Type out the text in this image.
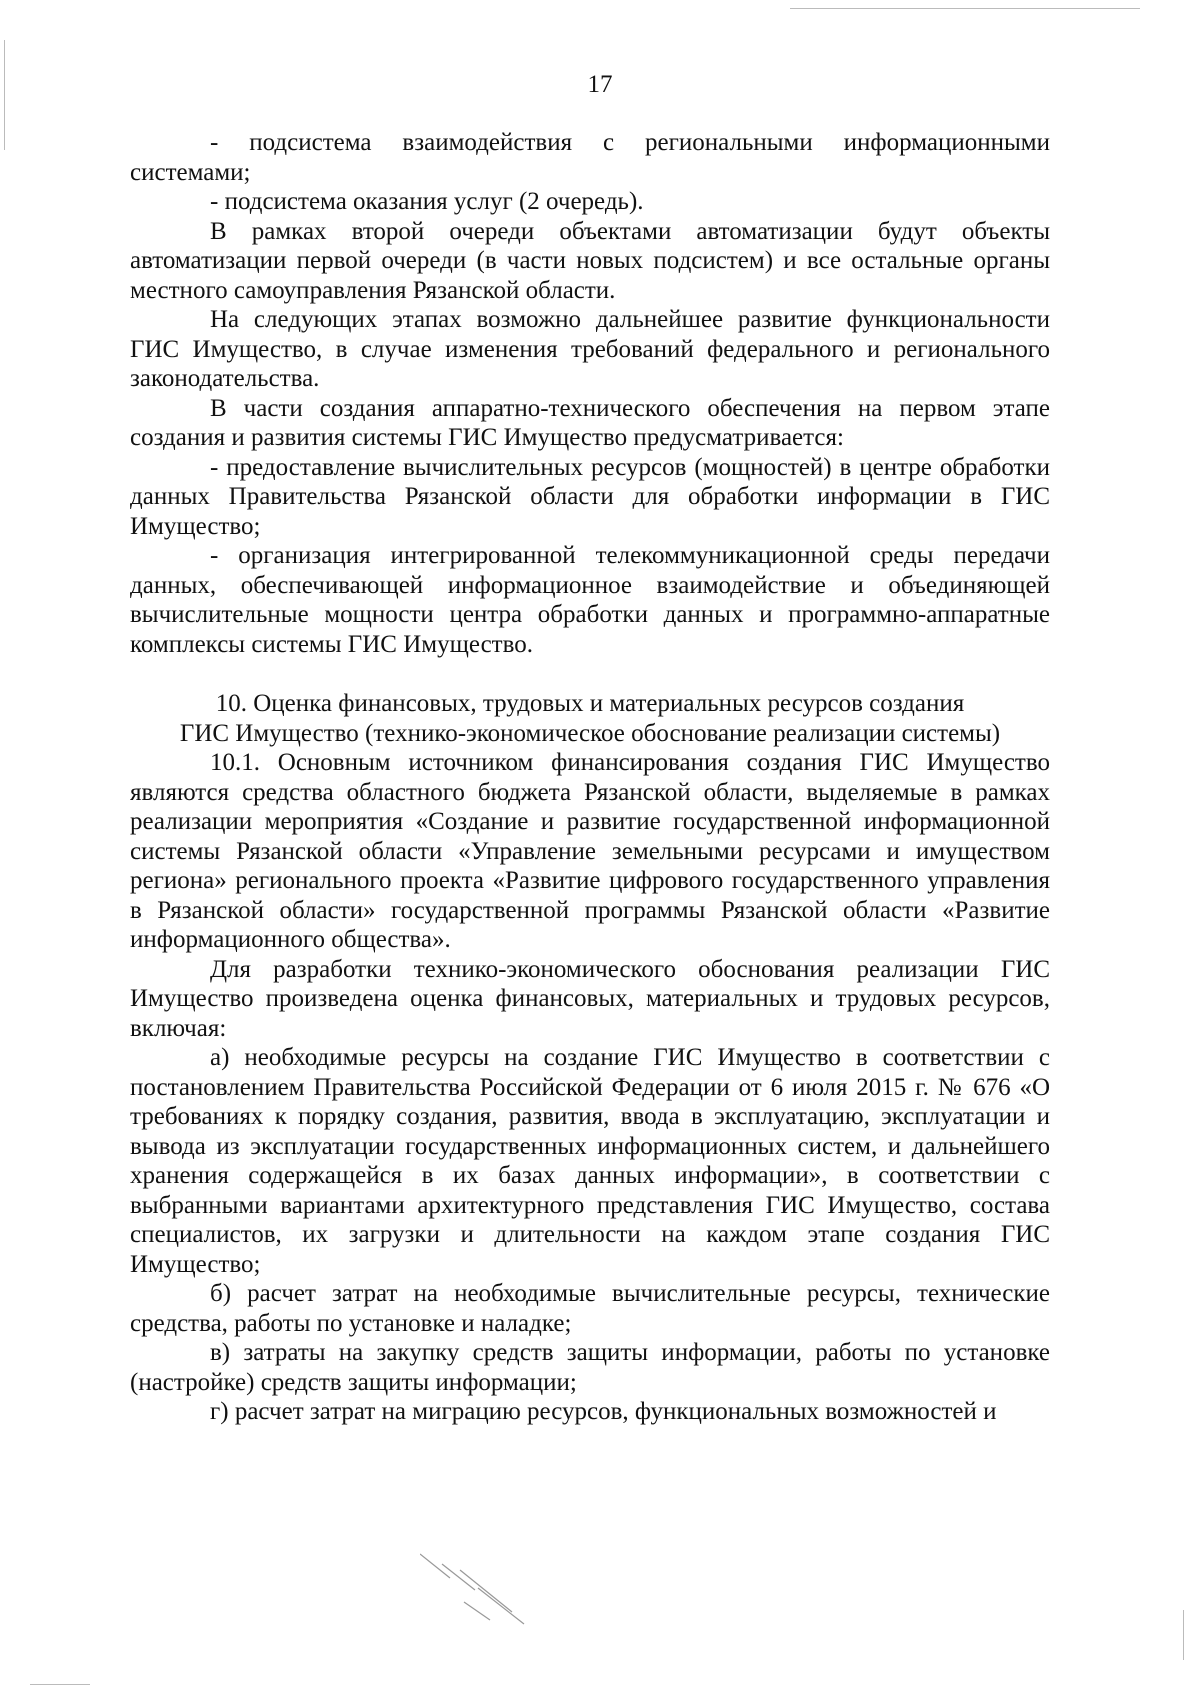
17

- подсистема взаимодействия с региональными информационными системами;

- подсистема оказания услуг (2 очередь).

В рамках второй очереди объектами автоматизации будут объекты автоматизации первой очереди (в части новых подсистем) и все остальные органы местного самоуправления Рязанской области.

На следующих этапах возможно дальнейшее развитие функциональности ГИС Имущество, в случае изменения требований федерального и регионального законодательства.

В части создания аппаратно-технического обеспечения на первом этапе создания и развития системы ГИС Имущество предусматривается:

- предоставление вычислительных ресурсов (мощностей) в центре обработки данных Правительства Рязанской области для обработки информации в ГИС Имущество;

- организация интегрированной телекоммуникационной среды передачи данных, обеспечивающей информационное взаимодействие и объединяющей вычислительные мощности центра обработки данных и программно-аппаратные комплексы системы ГИС Имущество.

10. Оценка финансовых, трудовых и материальных ресурсов создания
ГИС Имущество (технико-экономическое обоснование реализации системы)

10.1. Основным источником финансирования создания ГИС Имущество являются средства областного бюджета Рязанской области, выделяемые в рамках реализации мероприятия «Создание и развитие государственной информационной системы Рязанской области «Управление земельными ресурсами и имуществом региона» регионального проекта «Развитие цифрового государственного управления в Рязанской области» государственной программы Рязанской области «Развитие информационного общества».

Для разработки технико-экономического обоснования реализации ГИС Имущество произведена оценка финансовых, материальных и трудовых ресурсов, включая:

а) необходимые ресурсы на создание ГИС Имущество в соответствии с постановлением Правительства Российской Федерации от 6 июля 2015 г. № 676 «О требованиях к порядку создания, развития, ввода в эксплуатацию, эксплуатации и вывода из эксплуатации государственных информационных систем, и дальнейшего хранения содержащейся в их базах данных информации», в соответствии с выбранными вариантами архитектурного представления ГИС Имущество, состава специалистов, их загрузки и длительности на каждом этапе создания ГИС Имущество;

б) расчет затрат на необходимые вычислительные ресурсы, технические средства, работы по установке и наладке;

в) затраты на закупку средств защиты информации, работы по установке (настройке) средств защиты информации;

г) расчет затрат на миграцию ресурсов, функциональных возможностей и
